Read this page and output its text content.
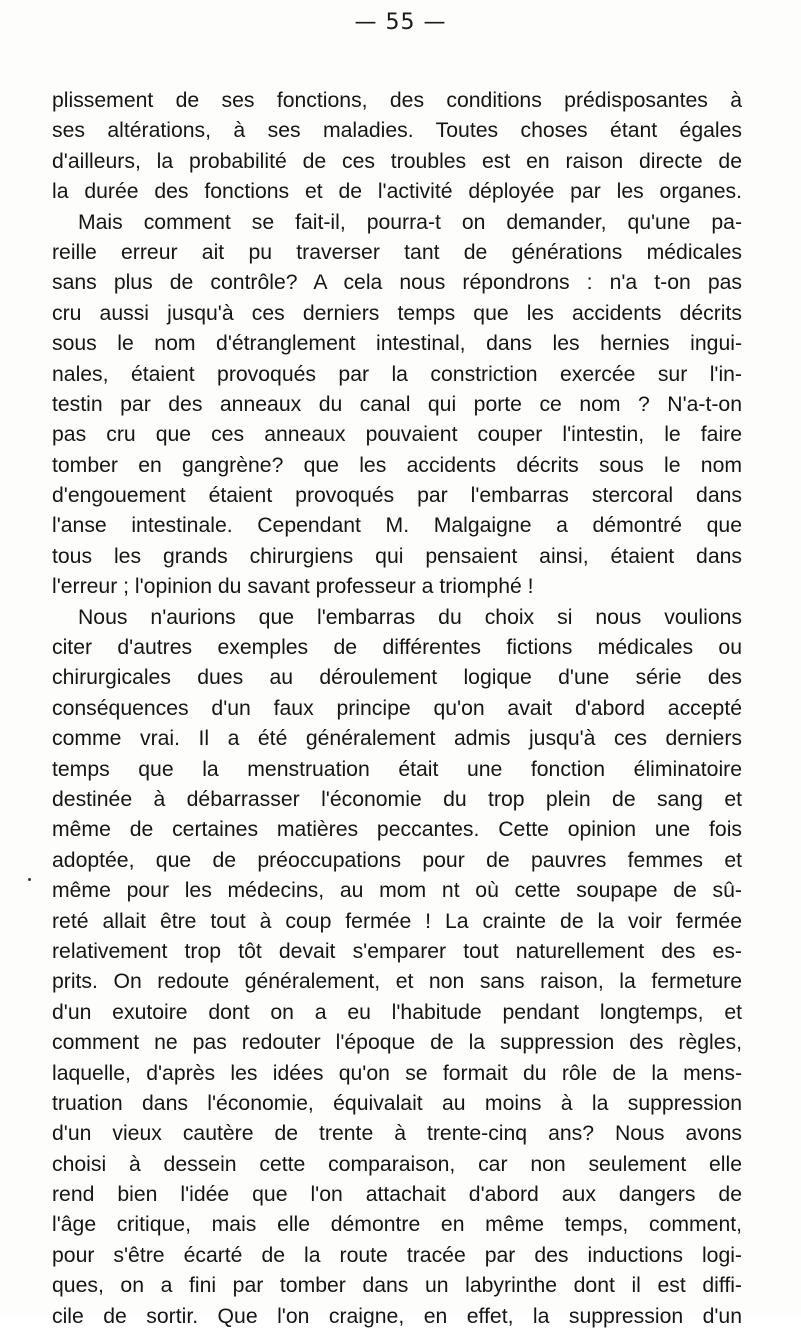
— 55 —
plissement de ses fonctions, des conditions prédisposantes à
ses altérations, à ses maladies. Toutes choses étant égales
d'ailleurs, la probabilité de ces troubles est en raison directe de
la durée des fonctions et de l'activité déployée par les organes.
Mais comment se fait-il, pourra-t on demander, qu'une pa-
reille erreur ait pu traverser tant de générations médicales
sans plus de contrôle? A cela nous répondrons : n'a t-on pas
cru aussi jusqu'à ces derniers temps que les accidents décrits
sous le nom d'étranglement intestinal, dans les hernies ingui-
nales, étaient provoqués par la constriction exercée sur l'in-
testin par des anneaux du canal qui porte ce nom ? N'a-t-on
pas cru que ces anneaux pouvaient couper l'intestin, le faire
tomber en gangrène? que les accidents décrits sous le nom
d'engouement étaient provoqués par l'embarras stercoral dans
l'anse intestinale. Cependant M. Malgaigne a démontré que
tous les grands chirurgiens qui pensaient ainsi, étaient dans
l'erreur ; l'opinion du savant professeur a triomphé !
Nous n'aurions que l'embarras du choix si nous voulions
citer d'autres exemples de différentes fictions médicales ou
chirurgicales dues au déroulement logique d'une série des
conséquences d'un faux principe qu'on avait d'abord accepté
comme vrai. Il a été généralement admis jusqu'à ces derniers
temps que la menstruation était une fonction éliminatoire
destinée à débarrasser l'économie du trop plein de sang et
même de certaines matières peccantes. Cette opinion une fois
adoptée, que de préoccupations pour de pauvres femmes et
même pour les médecins, au mom nt où cette soupape de sû-
reté allait être tout à coup fermée ! La crainte de la voir fermée
relativement trop tôt devait s'emparer tout naturellement des es-
prits. On redoute généralement, et non sans raison, la fermeture
d'un exutoire dont on a eu l'habitude pendant longtemps, et
comment ne pas redouter l'époque de la suppression des règles,
laquelle, d'après les idées qu'on se formait du rôle de la mens-
truation dans l'économie, équivalait au moins à la suppression
d'un vieux cautère de trente à trente-cinq ans? Nous avons
choisi à dessein cette comparaison, car non seulement elle
rend bien l'idée que l'on attachait d'abord aux dangers de
l'âge critique, mais elle démontre en même temps, comment,
pour s'être écarté de la route tracée par des inductions logi-
ques, on a fini par tomber dans un labyrinthe dont il est diffi-
cile de sortir. Que l'on craigne, en effet, la suppression d'un
